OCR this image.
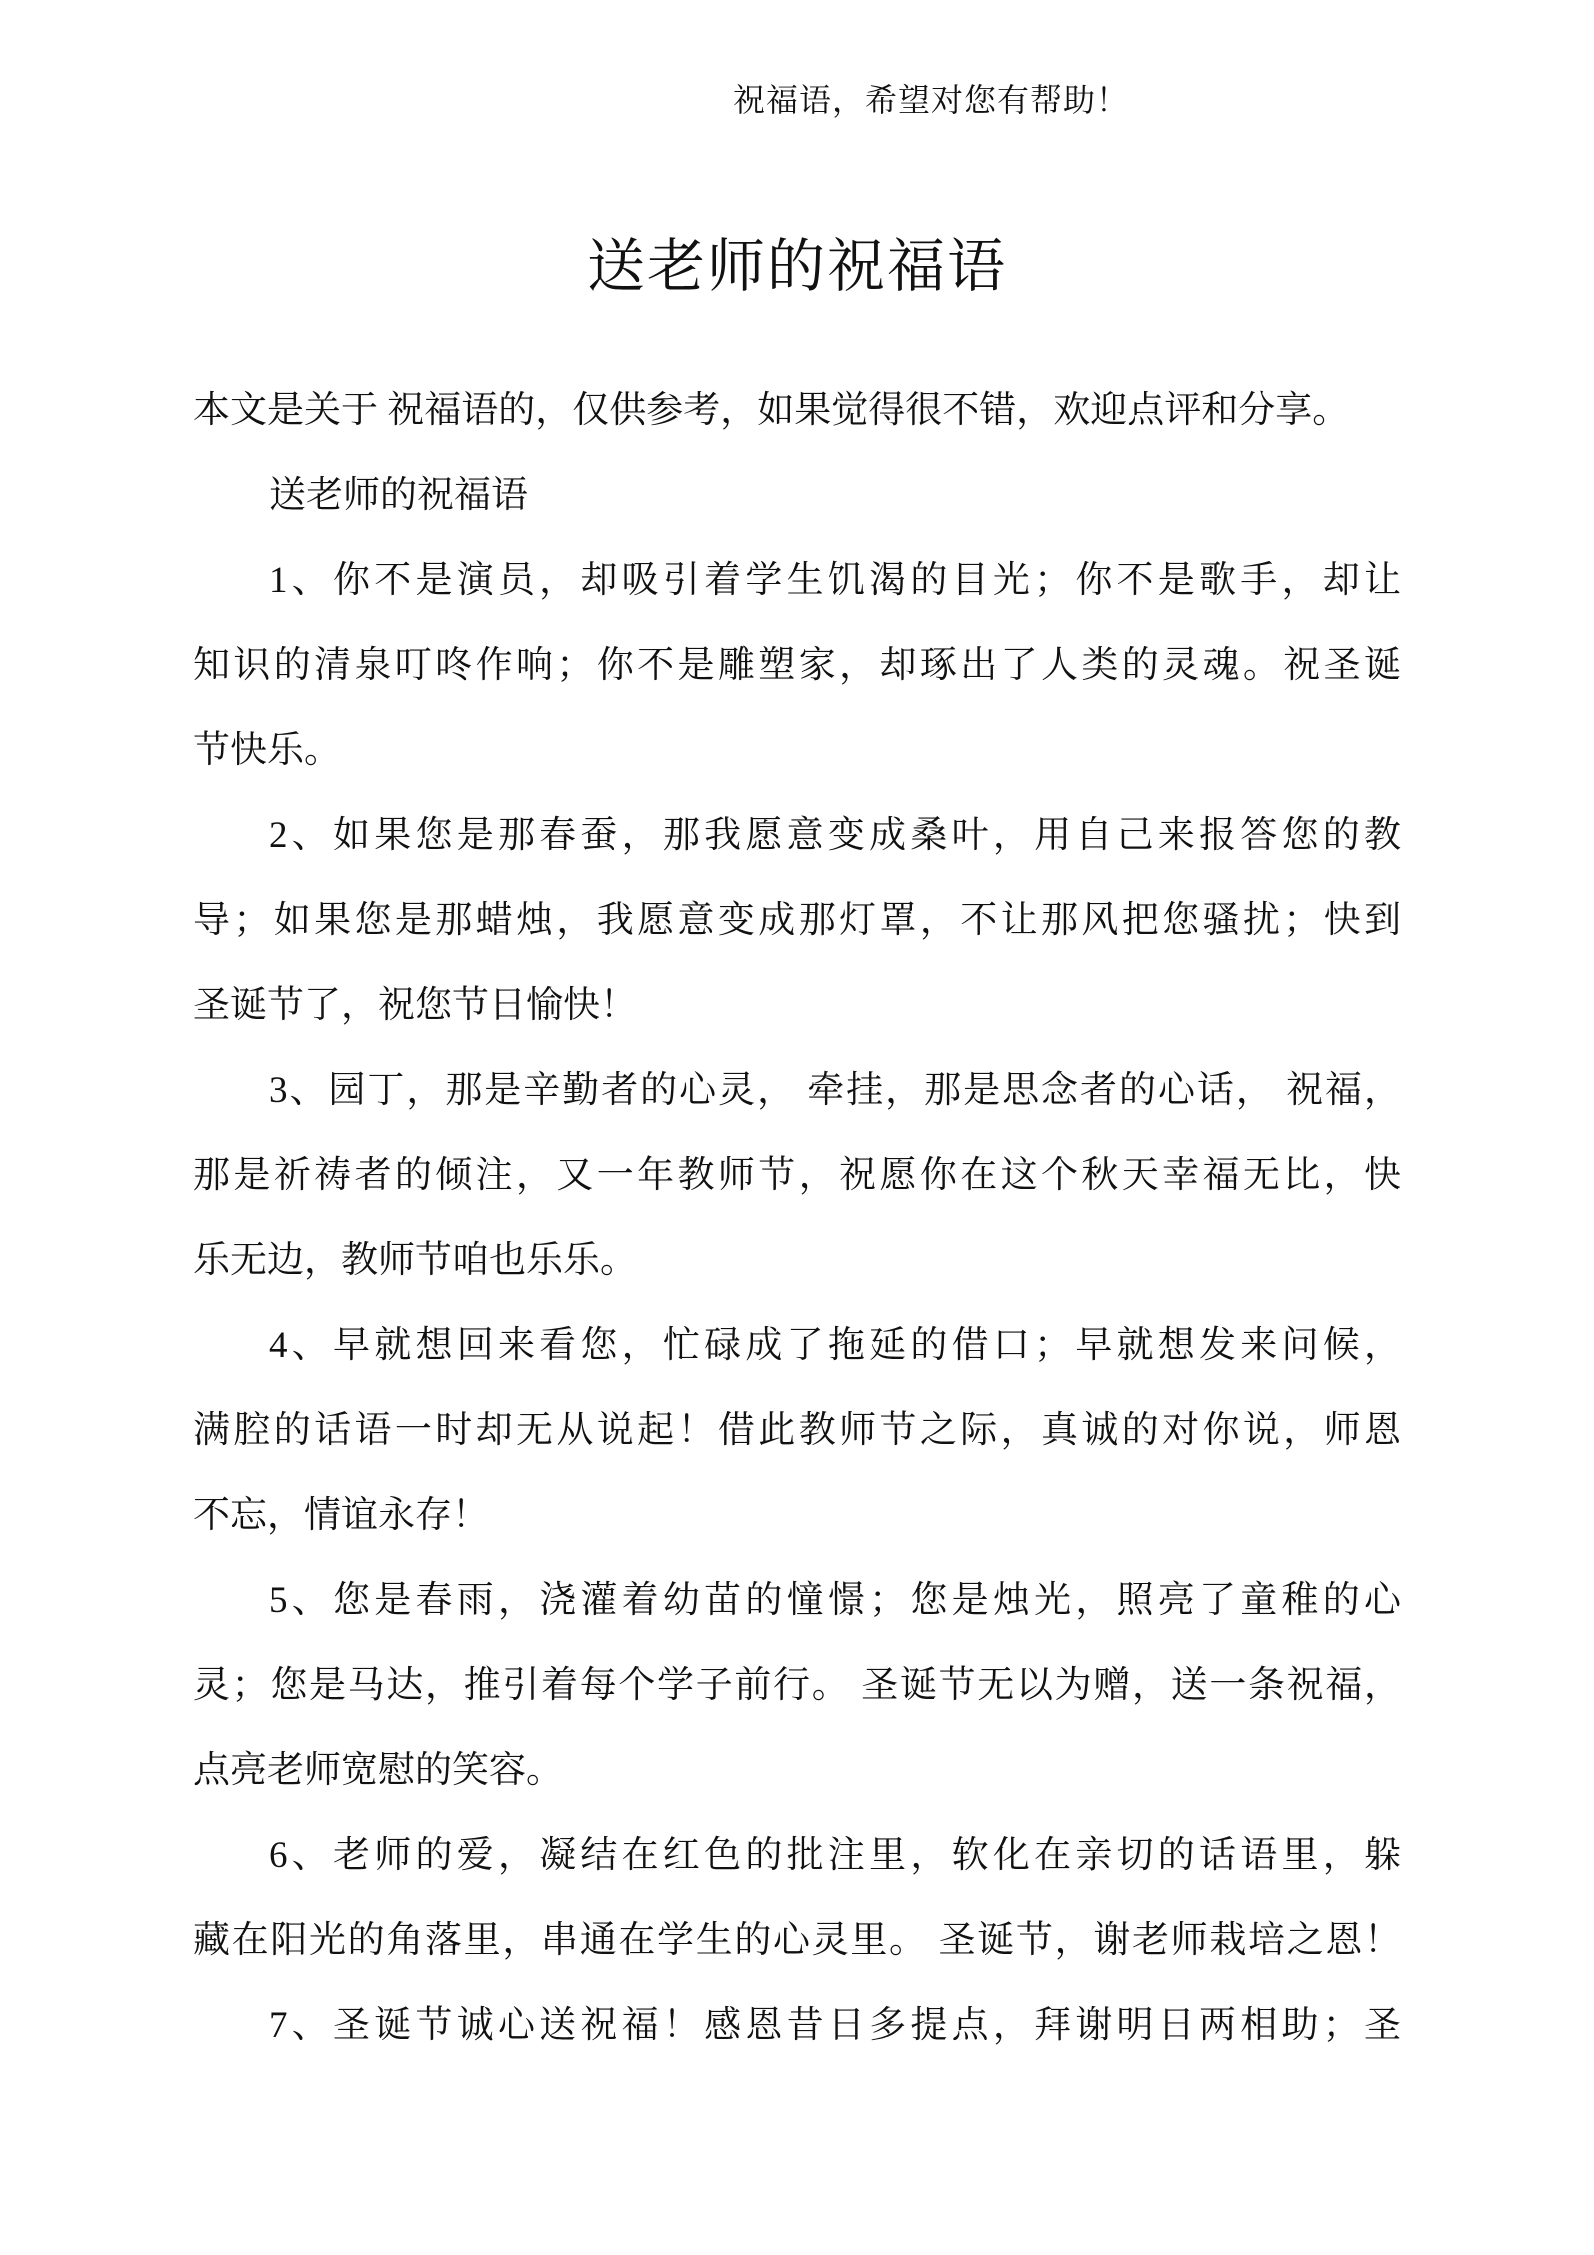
祝福语，希望对您有帮助！
送老师的祝福语
本文是关于 祝福语的，仅供参考，如果觉得很不错，欢迎点评和分享。
送老师的祝福语
1、你不是演员，却吸引着学生饥渴的目光；你不是歌手，却让
知识的清泉叮咚作响；你不是雕塑家，却琢出了人类的灵魂。祝圣诞
节快乐。
2、如果您是那春蚕，那我愿意变成桑叶，用自己来报答您的教
导；如果您是那蜡烛，我愿意变成那灯罩，不让那风把您骚扰；快到
圣诞节了，祝您节日愉快！
3、园丁，那是辛勤者的心灵， 牵挂，那是思念者的心话， 祝福，
那是祈祷者的倾注，又一年教师节，祝愿你在这个秋天幸福无比，快
乐无边，教师节咱也乐乐。
4、早就想回来看您，忙碌成了拖延的借口；早就想发来问候，
满腔的话语一时却无从说起！借此教师节之际，真诚的对你说，师恩
不忘，情谊永存！
5、您是春雨，浇灌着幼苗的憧憬；您是烛光，照亮了童稚的心
灵；您是马达，推引着每个学子前行。 圣诞节无以为赠，送一条祝福，
点亮老师宽慰的笑容。
6、老师的爱，凝结在红色的批注里，软化在亲切的话语里，躲
藏在阳光的角落里，串通在学生的心灵里。 圣诞节，谢老师栽培之恩！
7、圣诞节诚心送祝福！感恩昔日多提点，拜谢明日两相助；圣
